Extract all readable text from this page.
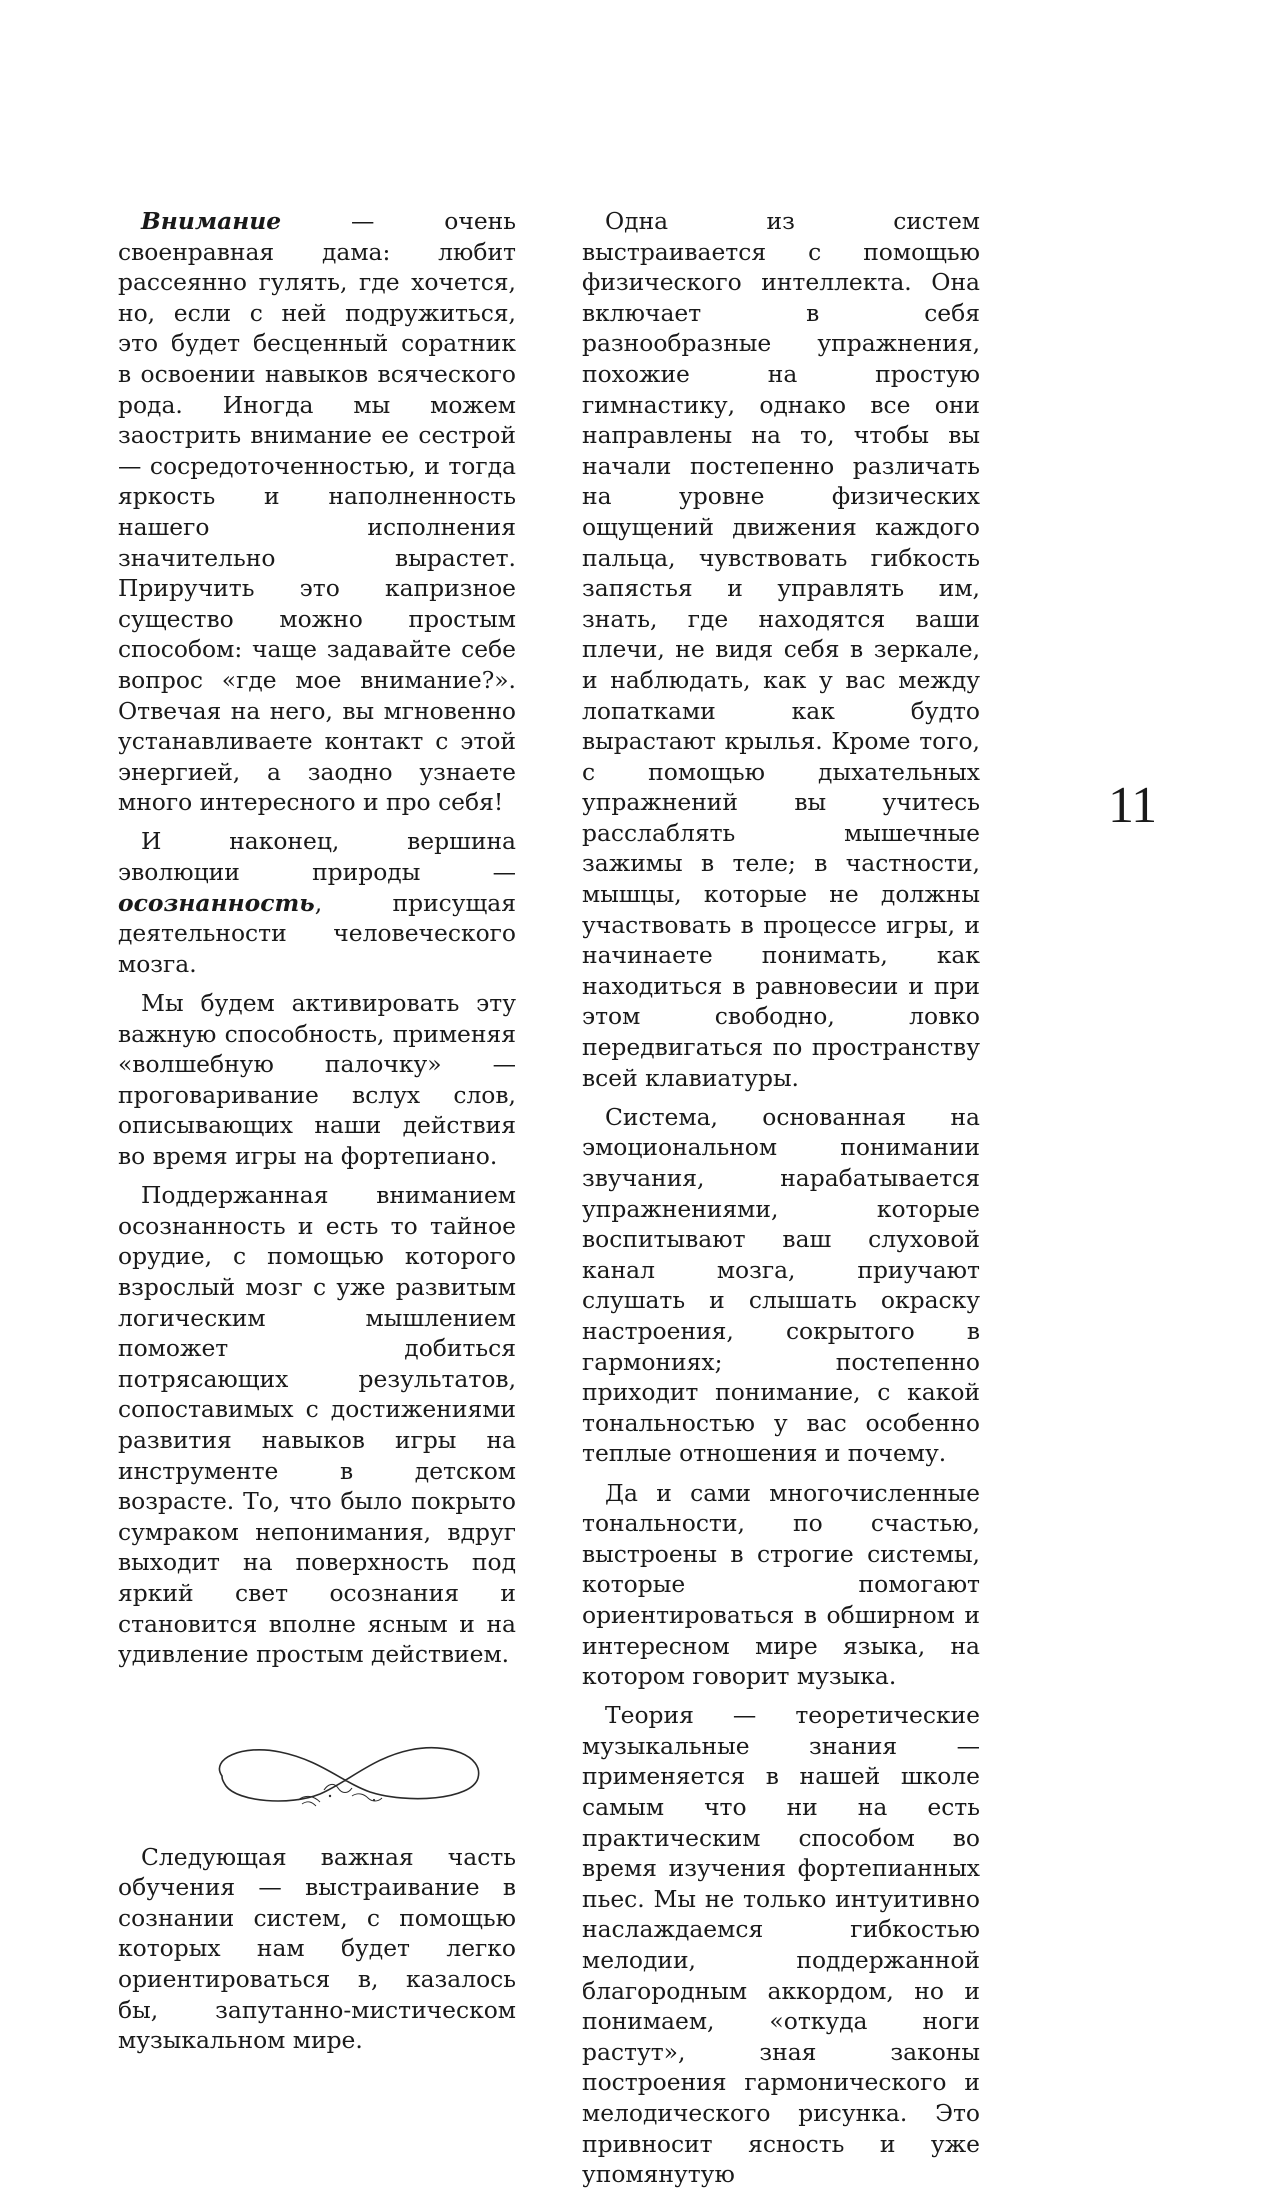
Внимание — очень своенравная дама: любит рассеянно гулять, где хочется, но, если с ней подружиться, это будет бесценный соратник в освоении навыков всяческого рода. Иногда мы можем заострить внимание ее сестрой — сосредоточенностью, и тогда яркость и наполненность нашего исполнения значительно вырастет. Приручить это капризное существо можно простым способом: чаще задавайте себе вопрос «где мое внимание?». Отвечая на него, вы мгновенно устанавливаете контакт с этой энергией, а заодно узнаете много интересного и про себя!

И наконец, вершина эволюции природы — осознанность, присущая деятельности человеческого мозга.

Мы будем активировать эту важную способность, применяя «волшебную палочку» — проговаривание вслух слов, описывающих наши действия во время игры на фортепиано.

Поддержанная вниманием осознанность и есть то тайное орудие, с помощью которого взрослый мозг с уже развитым логическим мышлением поможет добиться потрясающих результатов, сопоставимых с достижениями развития навыков игры на инструменте в детском возрасте. То, что было покрыто сумраком непонимания, вдруг выходит на поверхность под яркий свет осознания и становится вполне ясным и на удивление простым действием.

Следующая важная часть обучения — выстраивание в сознании систем, с помощью которых нам будет легко ориентироваться в, казалось бы, запутанно-мистическом музыкальном мире.

Одна из систем выстраивается с помощью физического интеллекта. Она включает в себя разнообразные упражнения, похожие на простую гимнастику, однако все они направлены на то, чтобы вы начали постепенно различать на уровне физических ощущений движения каждого пальца, чувствовать гибкость запястья и управлять им, знать, где находятся ваши плечи, не видя себя в зеркале, и наблюдать, как у вас между лопатками как будто вырастают крылья. Кроме того, с помощью дыхательных упражнений вы учитесь расслаблять мышечные зажимы в теле; в частности, мышцы, которые не должны участвовать в процессе игры, и начинаете понимать, как находиться в равновесии и при этом свободно, ловко передвигаться по пространству всей клавиатуры.

Система, основанная на эмоциональном понимании звучания, нарабатывается упражнениями, которые воспитывают ваш слуховой канал мозга, приучают слушать и слышать окраску настроения, сокрытого в гармониях; постепенно приходит понимание, с какой тональностью у вас особенно теплые отношения и почему.

Да и сами многочисленные тональности, по счастью, выстроены в строгие системы, которые помогают ориентироваться в обширном и интересном мире языка, на котором говорит музыка.

Теория — теоретические музыкальные знания — применяется в нашей школе самым что ни на есть практическим способом во время изучения фортепианных пьес. Мы не только интуитивно наслаждаемся гибкостью мелодии, поддержанной благородным аккордом, но и понимаем, «откуда ноги растут», зная законы построения гармонического и мелодического рисунка. Это привносит ясность и уже упомянутую

11
